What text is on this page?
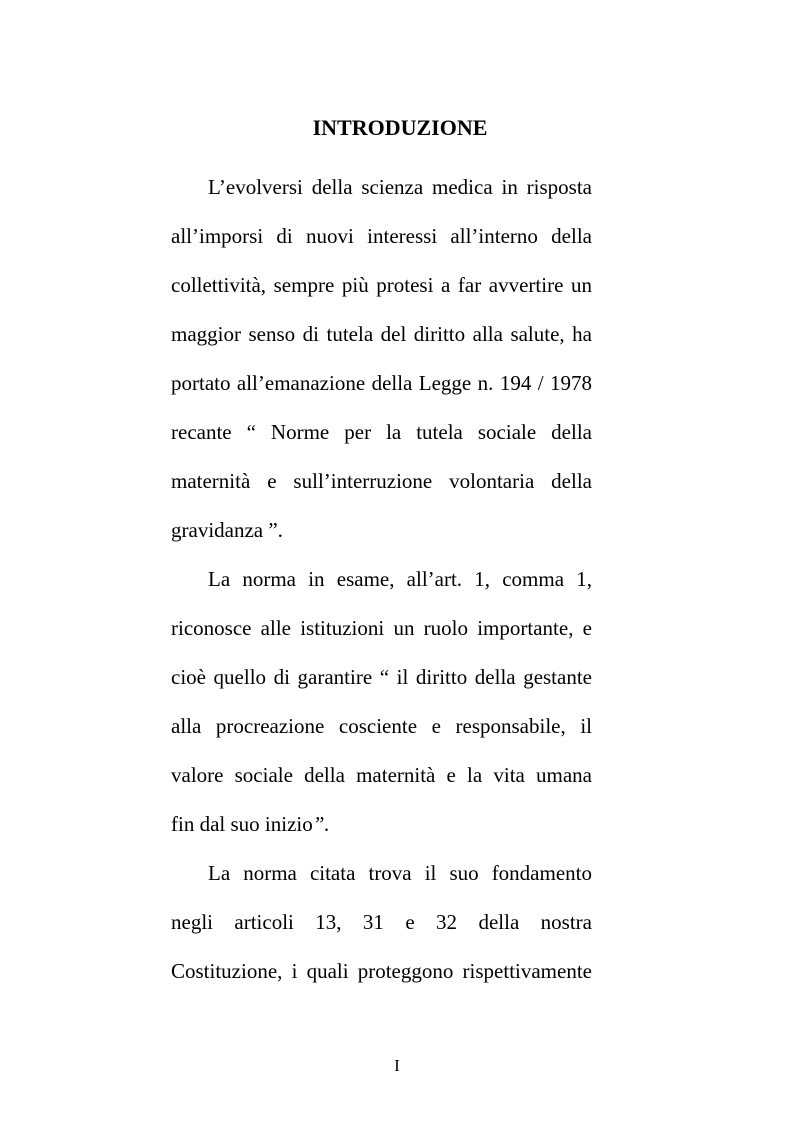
INTRODUZIONE
L’evolversi della scienza medica in risposta
all’imporsi di nuovi interessi all’interno della
collettività, sempre più protesi a far avvertire un
maggior senso di tutela del diritto alla salute, ha
portato all’emanazione della Legge n. 194 / 1978
recante “ Norme per la tutela sociale della
maternità e sull’interruzione volontaria della
gravidanza ”.
La norma in esame, all’art. 1, comma 1,
riconosce alle istituzioni un ruolo importante, e
cioè quello di garantire “ il diritto della gestante
alla procreazione cosciente e responsabile, il
valore sociale della maternità e la vita umana
fin dal suo inizio”.
La norma citata trova il suo fondamento
negli articoli 13, 31 e 32 della nostra
Costituzione, i quali proteggono rispettivamente
I
